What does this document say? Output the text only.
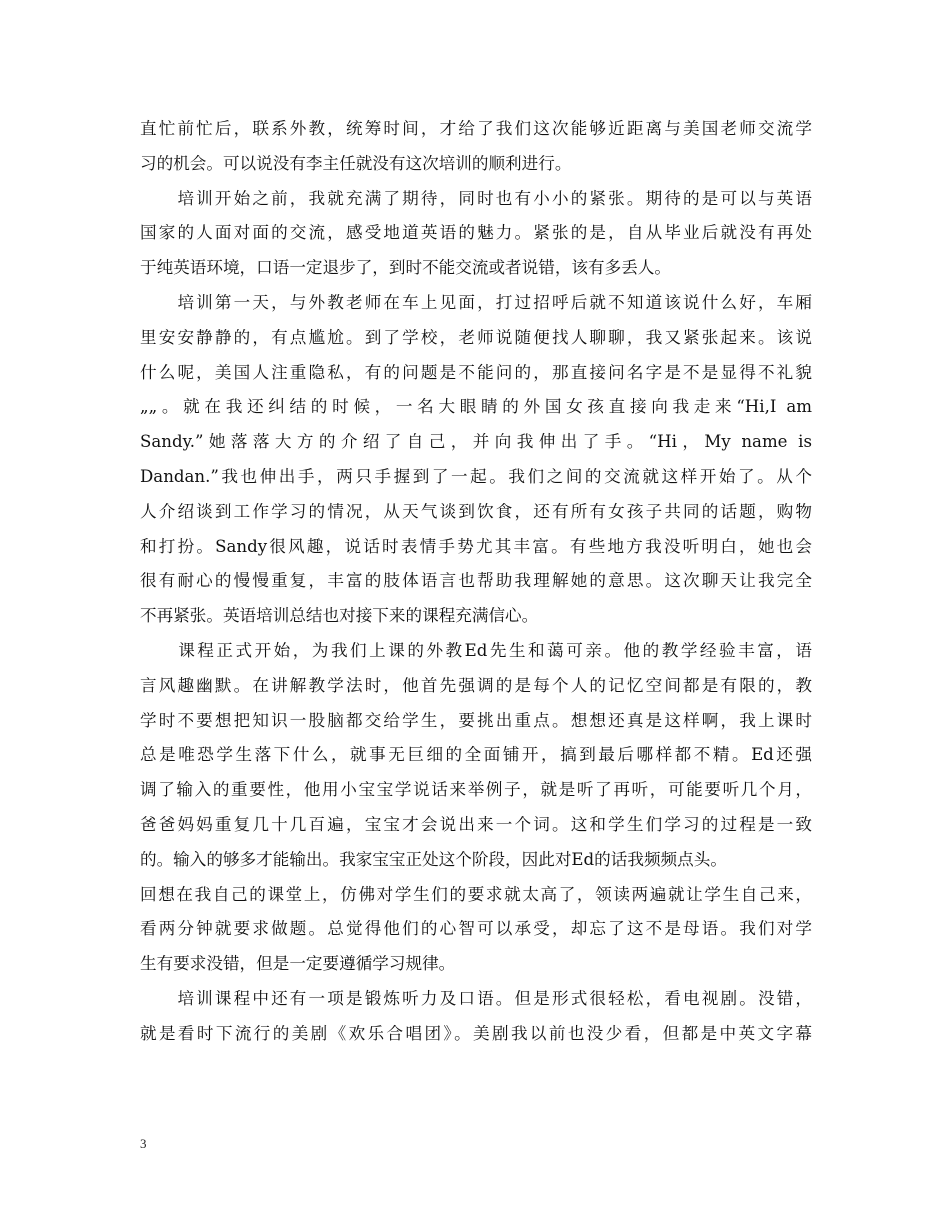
直忙前忙后，联系外教，统筹时间，才给了我们这次能够近距离与美国老师交流学
习的机会。可以说没有李主任就没有这次培训的顺利进行。
　　培训开始之前，我就充满了期待，同时也有小小的紧张。期待的是可以与英语
国家的人面对面的交流，感受地道英语的魅力。紧张的是，自从毕业后就没有再处
于纯英语环境，口语一定退步了，到时不能交流或者说错，该有多丢人。
　　培训第一天，与外教老师在车上见面，打过招呼后就不知道该说什么好，车厢
里安安静静的，有点尴尬。到了学校，老师说随便找人聊聊，我又紧张起来。该说
什么呢，美国人注重隐私，有的问题是不能问的，那直接问名字是不是显得不礼貌
„„。就在我还纠结的时候，一名大眼睛的外国女孩直接向我走来“Hi,I am
Sandy.”她落落大方的介绍了自己，并向我伸出了手。“Hi，My name is
Dandan.”我也伸出手，两只手握到了一起。我们之间的交流就这样开始了。从个
人介绍谈到工作学习的情况，从天气谈到饮食，还有所有女孩子共同的话题，购物
和打扮。Sandy很风趣，说话时表情手势尤其丰富。有些地方我没听明白，她也会
很有耐心的慢慢重复，丰富的肢体语言也帮助我理解她的意思。这次聊天让我完全
不再紧张。英语培训总结也对接下来的课程充满信心。
　　课程正式开始，为我们上课的外教Ed先生和蔼可亲。他的教学经验丰富，语
言风趣幽默。在讲解教学法时，他首先强调的是每个人的记忆空间都是有限的，教
学时不要想把知识一股脑都交给学生，要挑出重点。想想还真是这样啊，我上课时
总是唯恐学生落下什么，就事无巨细的全面铺开，搞到最后哪样都不精。Ed还强
调了输入的重要性，他用小宝宝学说话来举例子，就是听了再听，可能要听几个月，
爸爸妈妈重复几十几百遍，宝宝才会说出来一个词。这和学生们学习的过程是一致
的。输入的够多才能输出。我家宝宝正处这个阶段，因此对Ed的话我频频点头。
回想在我自己的课堂上，仿佛对学生们的要求就太高了，领读两遍就让学生自己来，
看两分钟就要求做题。总觉得他们的心智可以承受，却忘了这不是母语。我们对学
生有要求没错，但是一定要遵循学习规律。
　　培训课程中还有一项是锻炼听力及口语。但是形式很轻松，看电视剧。没错，
就是看时下流行的美剧《欢乐合唱团》。美剧我以前也没少看，但都是中英文字幕
3
